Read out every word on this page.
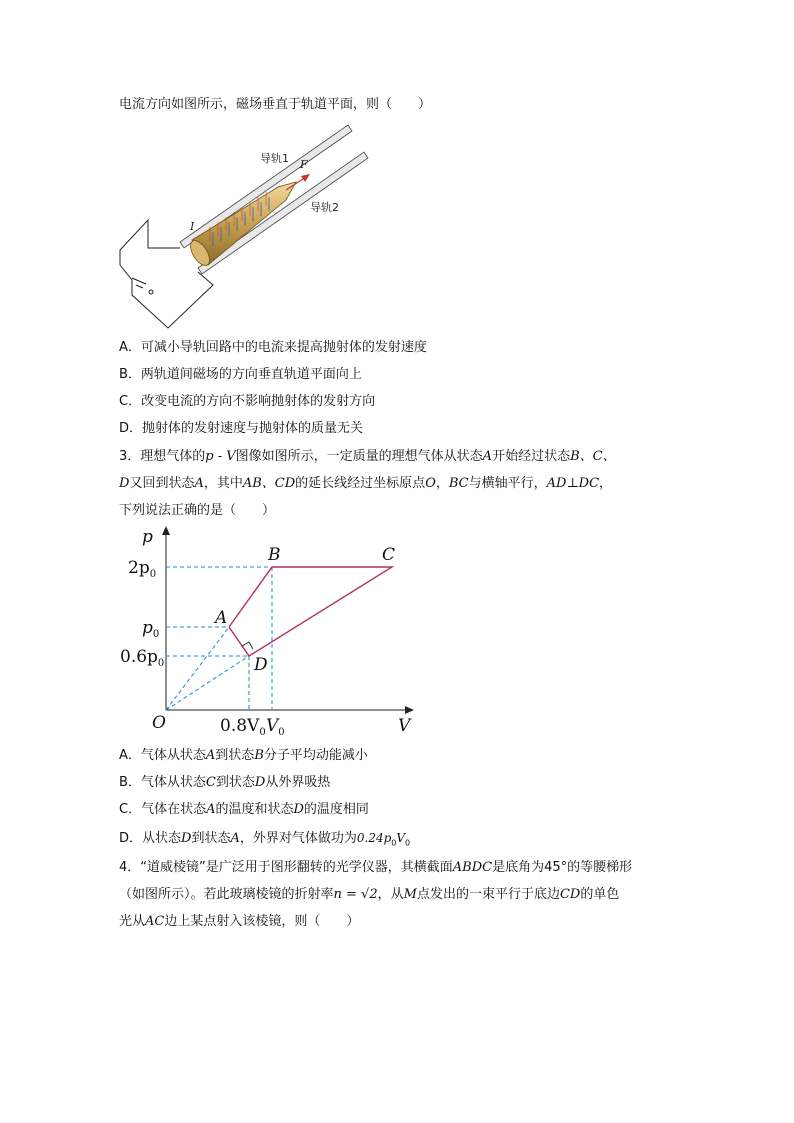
电流方向如图所示，磁场垂直于轨道平面，则（　　）
F
I
导轨1
导轨2
A．可减小导轨回路中的电流来提高抛射体的发射速度
B．两轨道间磁场的方向垂直轨道平面向上
C．改变电流的方向不影响抛射体的发射方向
D．抛射体的发射速度与抛射体的质量无关
3．理想气体的p - V图像如图所示，一定质量的理想气体从状态A开始经过状态B、C、
D又回到状态A，其中AB、CD的延长线经过坐标原点O，BC与横轴平行，AD⊥DC，
下列说法正确的是（　　）
p
V
O
$2p_0$
$p_0$
$0.6p_0$
$0.8V_0$ $V_0$
A
B	C
D
A．气体从状态A到状态B分子平均动能减小
B．气体从状态C到状态D从外界吸热
C．气体在状态A的温度和状态D的温度相同
D．从状态D到状态A，外界对气体做功为$0.24p_0V_0$
4．“道威棱镜”是广泛用于图形翻转的光学仪器，其横截面ABDC是底角为45°的等腰梯形
（如图所示）。若此玻璃棱镜的折射率n = √2，从M点发出的一束平行于底边CD的单色
光从AC边上某点射入该棱镜，则（　　）
